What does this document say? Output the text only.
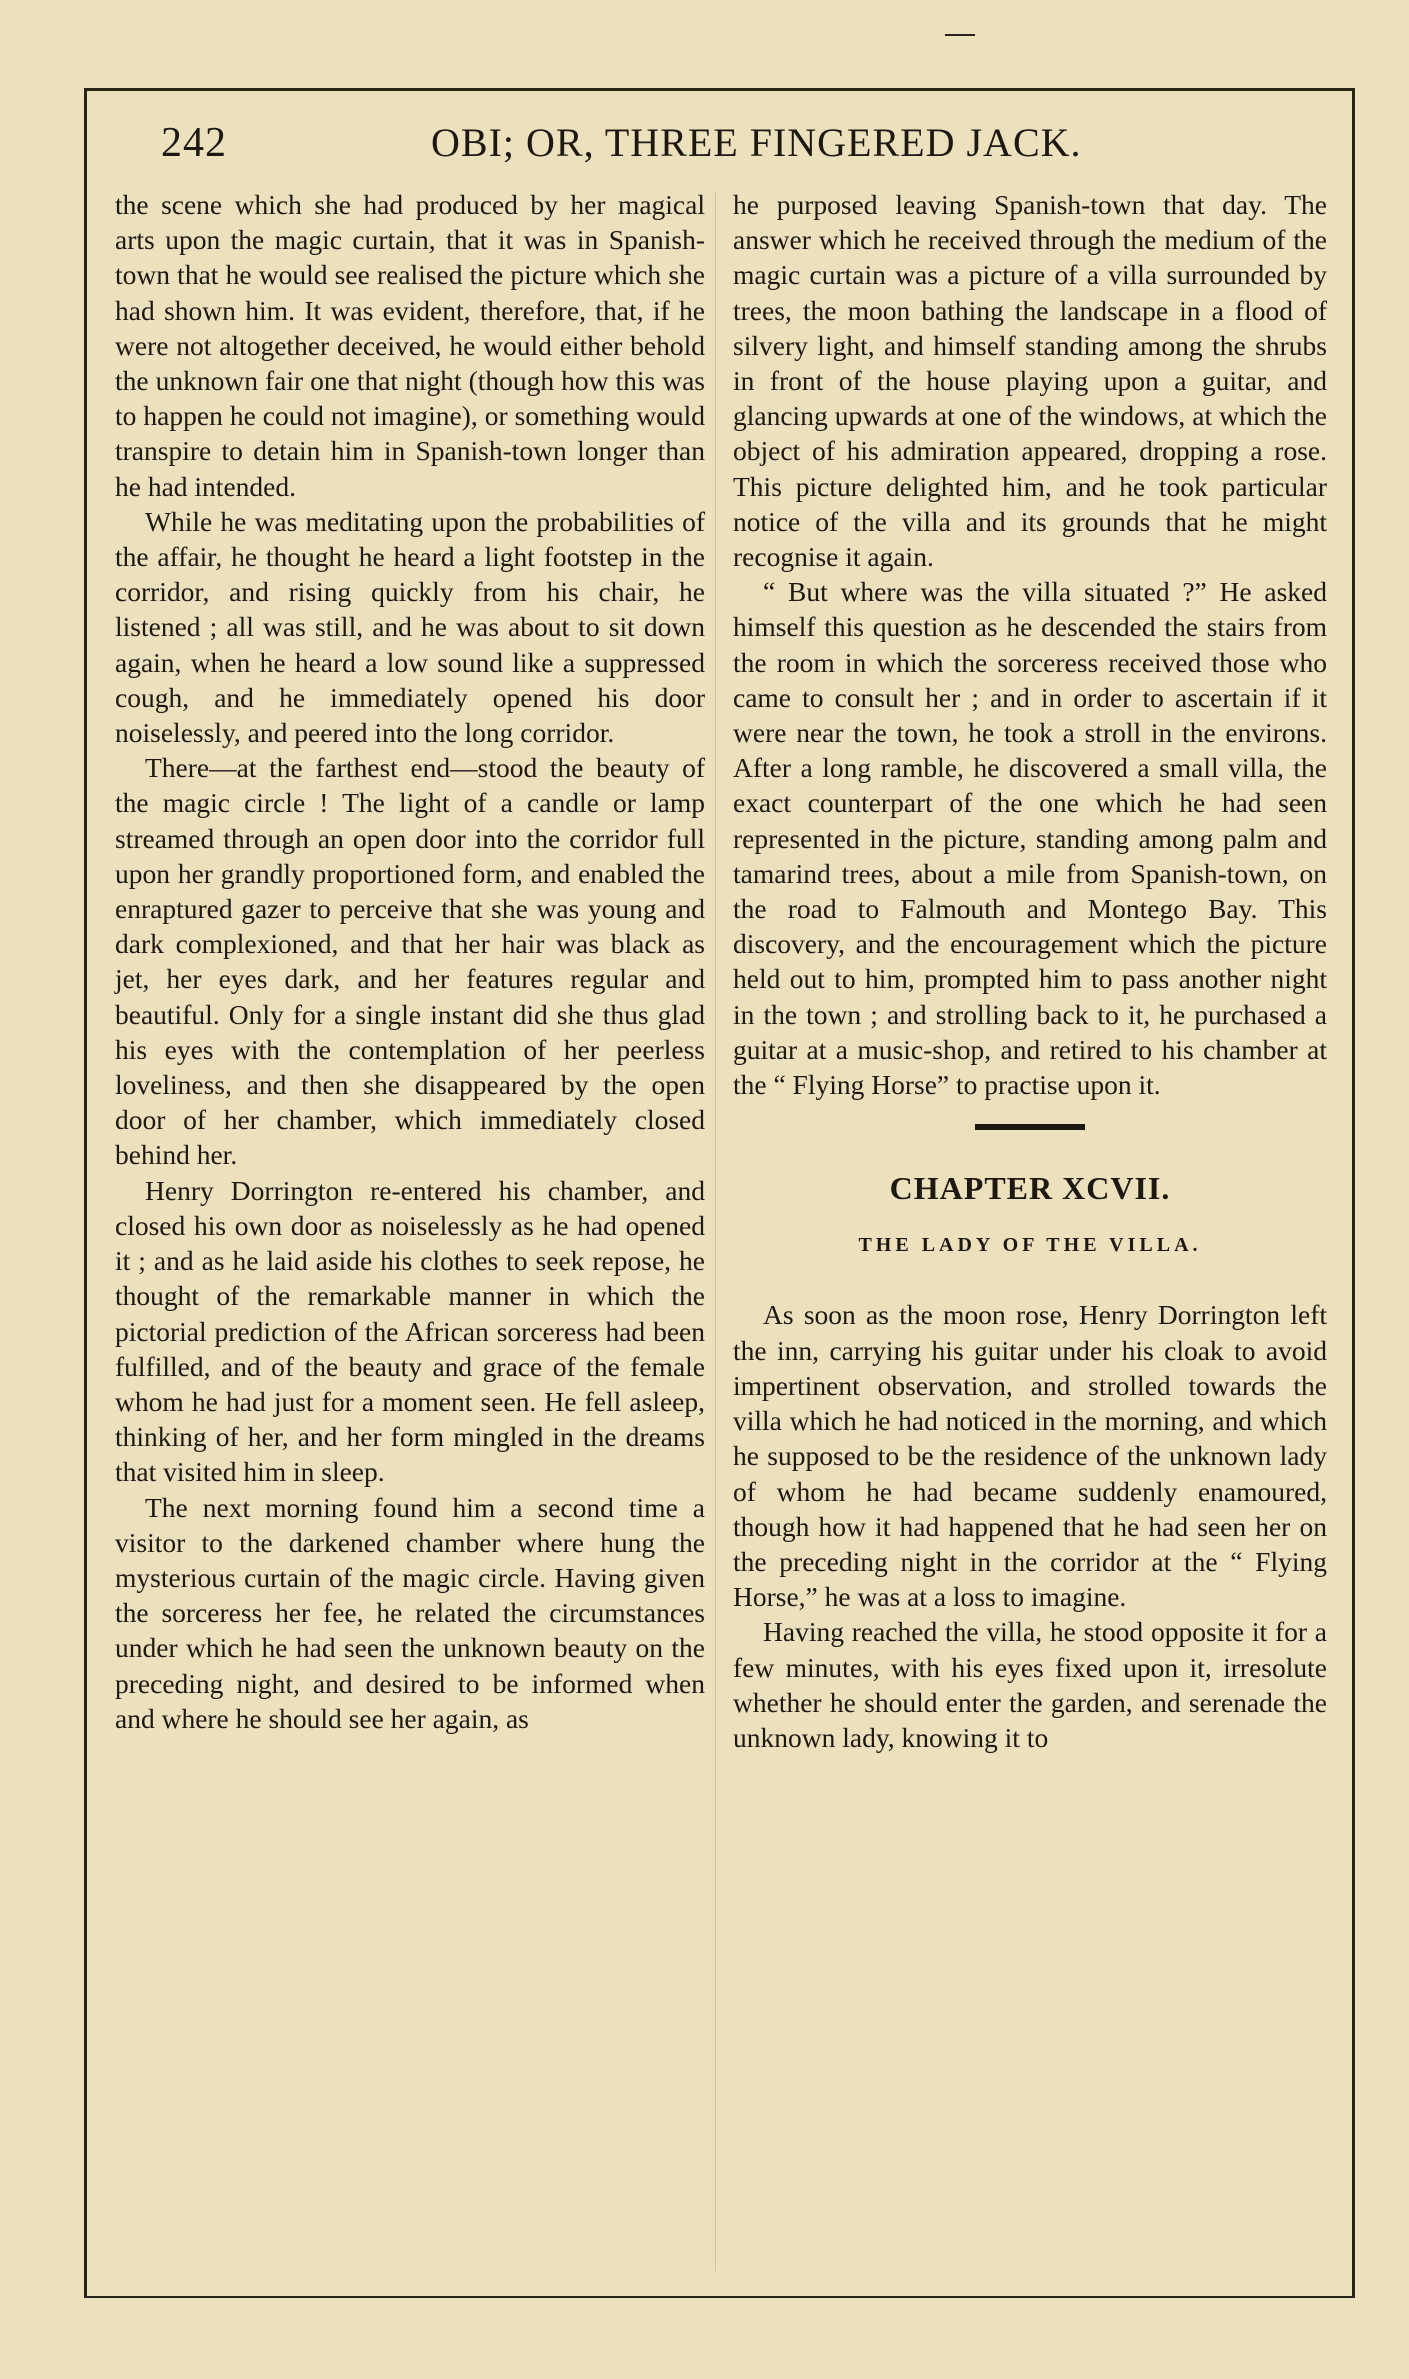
242	OBI; OR, THREE FINGERED JACK.

the scene which she had produced by her magical arts upon the magic curtain, that it was in Spanish-town that he would see realised the picture which she had shown him. It was evident, therefore, that, if he were not altogether deceived, he would either behold the unknown fair one that night (though how this was to happen he could not imagine), or something would transpire to detain him in Spanish-town longer than he had intended.

While he was meditating upon the probabilities of the affair, he thought he heard a light footstep in the corridor, and rising quickly from his chair, he listened ; all was still, and he was about to sit down again, when he heard a low sound like a suppressed cough, and he immediately opened his door noiselessly, and peered into the long corridor.

There—at the farthest end—stood the beauty of the magic circle ! The light of a candle or lamp streamed through an open door into the corridor full upon her grandly proportioned form, and enabled the enraptured gazer to perceive that she was young and dark complexioned, and that her hair was black as jet, her eyes dark, and her features regular and beautiful. Only for a single instant did she thus glad his eyes with the contemplation of her peerless loveliness, and then she disappeared by the open door of her chamber, which immediately closed behind her.

Henry Dorrington re-entered his chamber, and closed his own door as noiselessly as he had opened it ; and as he laid aside his clothes to seek repose, he thought of the remarkable manner in which the pictorial prediction of the African sorceress had been fulfilled, and of the beauty and grace of the female whom he had just for a moment seen. He fell asleep, thinking of her, and her form mingled in the dreams that visited him in sleep.

The next morning found him a second time a visitor to the darkened chamber where hung the mysterious curtain of the magic circle. Having given the sorceress her fee, he related the circumstances under which he had seen the unknown beauty on the preceding night, and desired to be informed when and where he should see her again, as

he purposed leaving Spanish-town that day. The answer which he received through the medium of the magic curtain was a picture of a villa surrounded by trees, the moon bathing the landscape in a flood of silvery light, and himself standing among the shrubs in front of the house playing upon a guitar, and glancing upwards at one of the windows, at which the object of his admiration appeared, dropping a rose. This picture delighted him, and he took particular notice of the villa and its grounds that he might recognise it again.

“ But where was the villa situated ?” He asked himself this question as he descended the stairs from the room in which the sorceress received those who came to consult her ; and in order to ascertain if it were near the town, he took a stroll in the environs. After a long ramble, he discovered a small villa, the exact counterpart of the one which he had seen represented in the picture, standing among palm and tamarind trees, about a mile from Spanish-town, on the road to Falmouth and Montego Bay. This discovery, and the encouragement which the picture held out to him, prompted him to pass another night in the town ; and strolling back to it, he purchased a guitar at a music-shop, and retired to his chamber at the “ Flying Horse” to practise upon it.

CHAPTER XCVII.
THE LADY OF THE VILLA.

As soon as the moon rose, Henry Dorrington left the inn, carrying his guitar under his cloak to avoid impertinent observation, and strolled towards the villa which he had noticed in the morning, and which he supposed to be the residence of the unknown lady of whom he had became suddenly enamoured, though how it had happened that he had seen her on the preceding night in the corridor at the “ Flying Horse,” he was at a loss to imagine.

Having reached the villa, he stood opposite it for a few minutes, with his eyes fixed upon it, irresolute whether he should enter the garden, and serenade the unknown lady, knowing it to
